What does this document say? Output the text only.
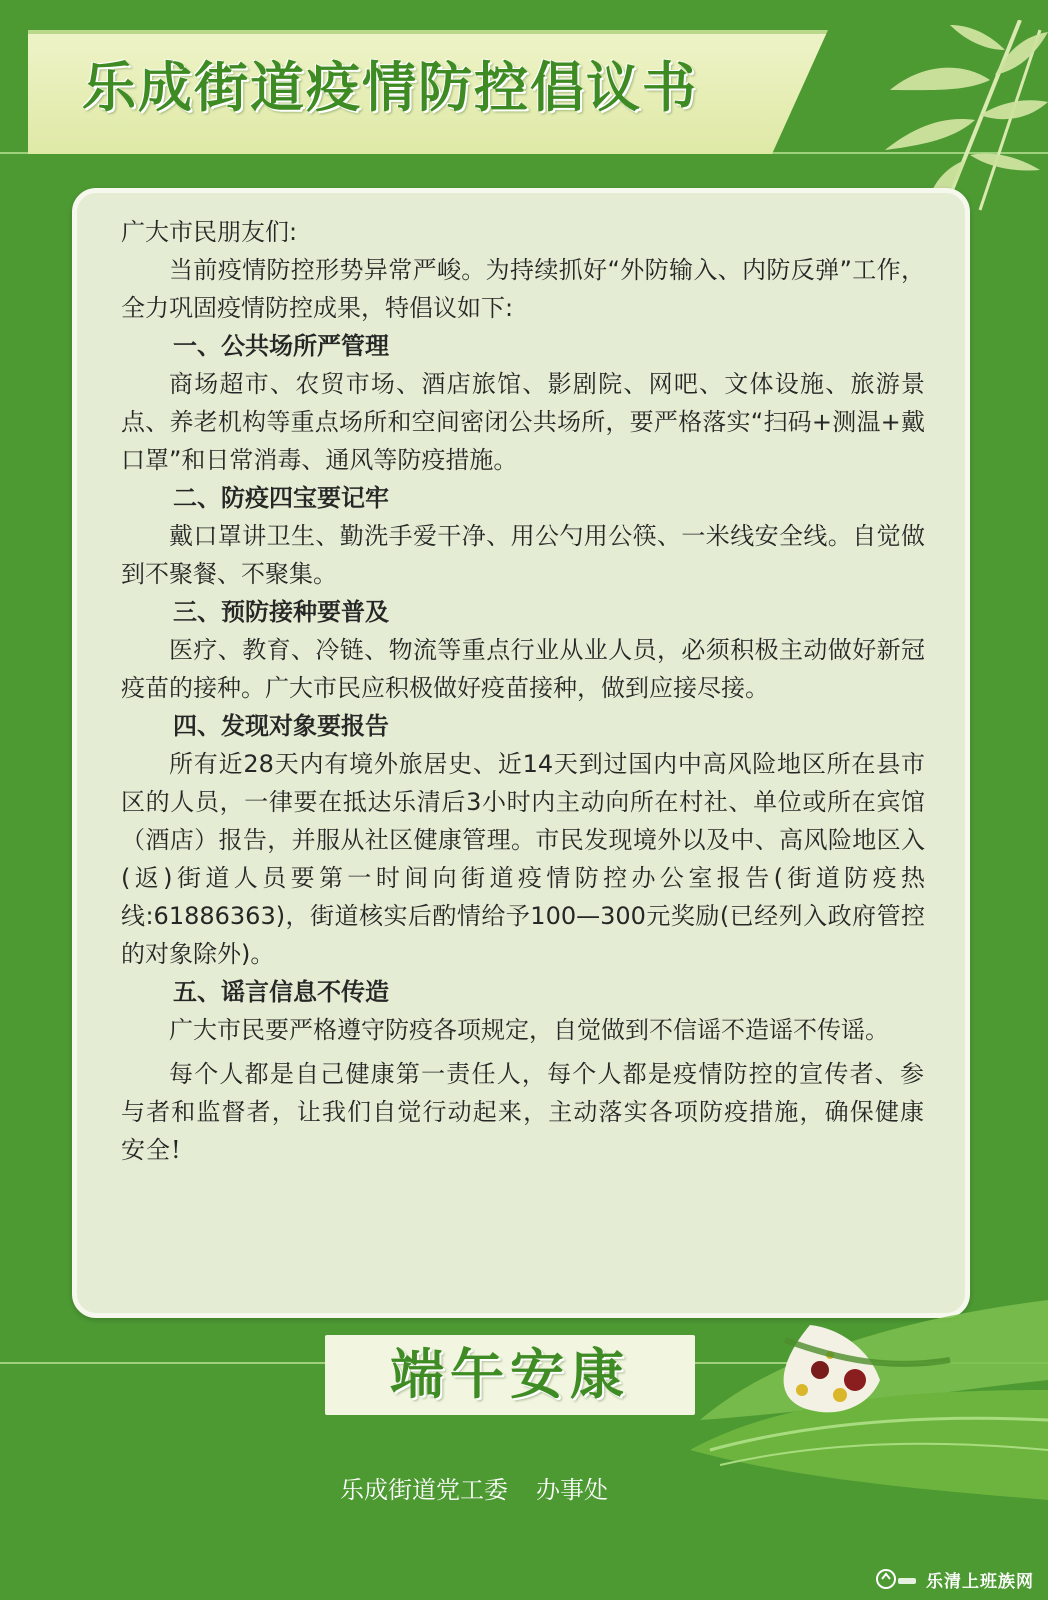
乐成街道疫情防控倡议书

广大市民朋友们:

当前疫情防控形势异常严峻。为持续抓好“外防输入、内防反弹”工作，全力巩固疫情防控成果，特倡议如下:

一、公共场所严管理

商场超市、农贸市场、酒店旅馆、影剧院、网吧、文体设施、旅游景点、养老机构等重点场所和空间密闭公共场所，要严格落实“扫码+测温+戴口罩”和日常消毒、通风等防疫措施。

二、防疫四宝要记牢

戴口罩讲卫生、勤洗手爱干净、用公勺用公筷、一米线安全线。自觉做到不聚餐、不聚集。

三、预防接种要普及

医疗、教育、冷链、物流等重点行业从业人员，必须积极主动做好新冠疫苗的接种。广大市民应积极做好疫苗接种，做到应接尽接。

四、发现对象要报告

所有近28天内有境外旅居史、近14天到过国内中高风险地区所在县市区的人员，一律要在抵达乐清后3小时内主动向所在村社、单位或所在宾馆（酒店）报告，并服从社区健康管理。市民发现境外以及中、高风险地区入(返)街道人员要第一时间向街道疫情防控办公室报告(街道防疫热线:61886363)，街道核实后酌情给予100—300元奖励(已经列入政府管控的对象除外)。

五、谣言信息不传造

广大市民要严格遵守防疫各项规定，自觉做到不信谣不造谣不传谣。

每个人都是自己健康第一责任人，每个人都是疫情防控的宣传者、参与者和监督者，让我们自觉行动起来，主动落实各项防疫措施，确保健康安全!

端午安康
乐成街道党工委 办事处
乐清上班族网
